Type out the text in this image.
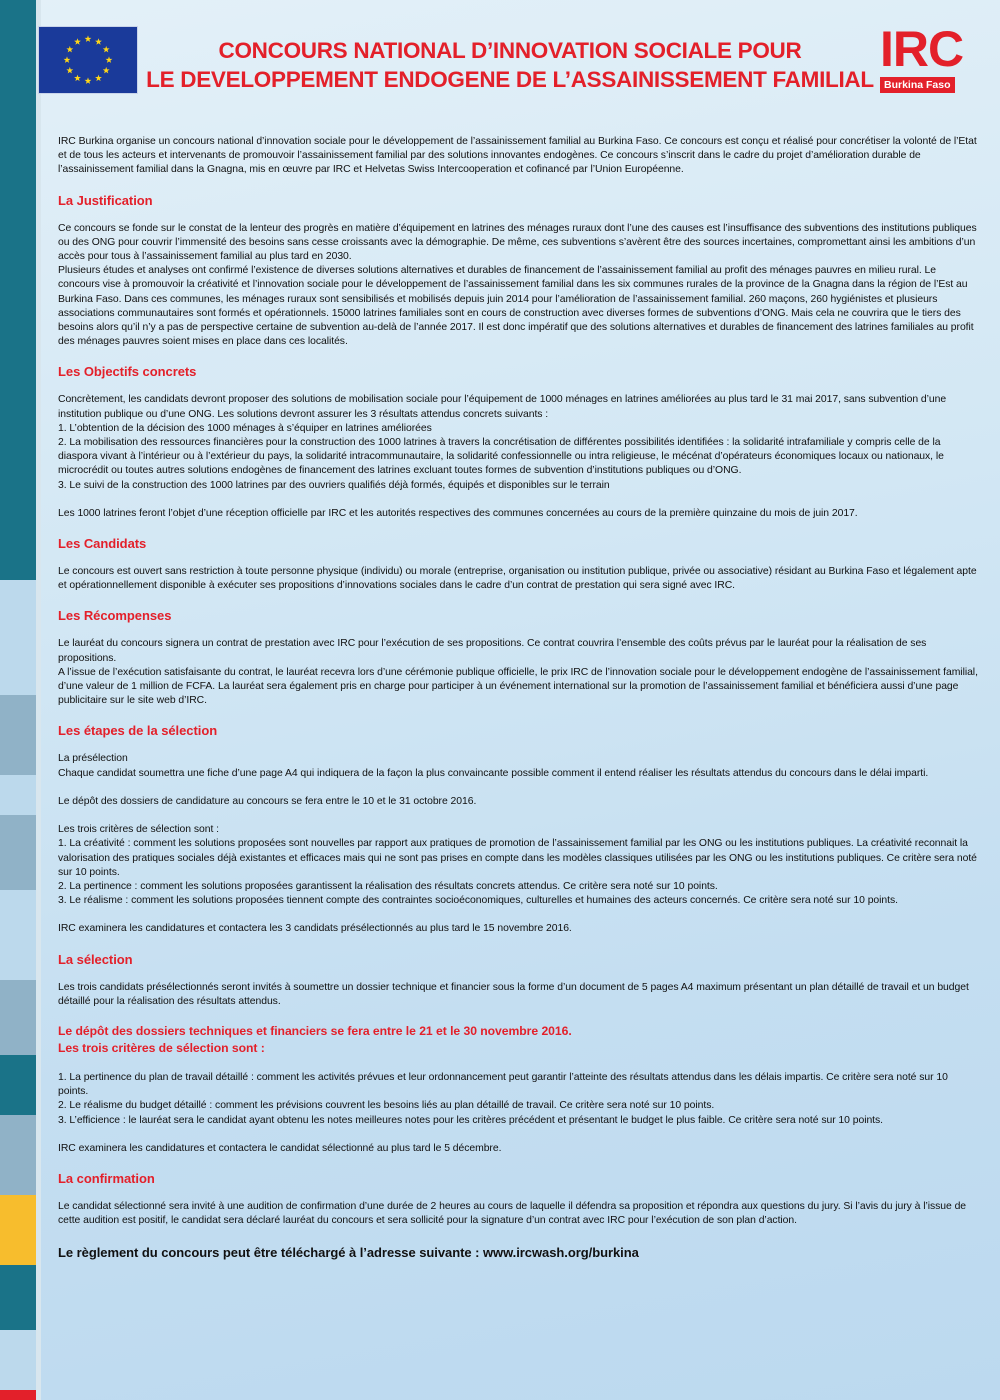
CONCOURS NATIONAL D’INNOVATION SOCIALE POUR
LE DEVELOPPEMENT ENDOGENE DE L’ASSAINISSEMENT FAMILIAL
IRC
Burkina Faso

IRC Burkina organise un concours national d’innovation sociale pour le développement de l’assainissement familial au Burkina Faso. Ce concours est conçu et réalisé pour concrétiser la volonté de l’Etat et de tous les acteurs et intervenants de promouvoir l’assainissement familial par des solutions innovantes endogènes. Ce concours s’inscrit dans le cadre du projet d’amélioration durable de l’assainissement familial dans la Gnagna, mis en œuvre par IRC et Helvetas Swiss Intercooperation et cofinancé par l’Union Européenne.

La Justification

Ce concours se fonde sur le constat de la lenteur des progrès en matière d’équipement en latrines des ménages ruraux dont l’une des causes est l’insuffisance des subventions des institutions publiques ou des ONG pour couvrir l’immensité des besoins sans cesse croissants avec la démographie. De même, ces subventions s’avèrent être des sources incertaines, compromettant ainsi les ambitions d’un accès pour tous à l’assainissement familial au plus tard en 2030.

Plusieurs études et analyses ont confirmé l’existence de diverses solutions alternatives et durables de financement de l’assainissement familial au profit des ménages pauvres en milieu rural. Le concours vise à promouvoir la créativité et l’innovation sociale pour le développement de l’assainissement familial dans les six communes rurales de la province de la Gnagna dans la région de l’Est au Burkina Faso. Dans ces communes, les ménages ruraux sont sensibilisés et mobilisés depuis juin 2014 pour l’amélioration de l’assainissement familial. 260 maçons, 260 hygiénistes et plusieurs associations communautaires sont formés et opérationnels. 15000 latrines familiales sont en cours de construction avec diverses formes de subventions d’ONG. Mais cela ne couvrira que le tiers des besoins alors qu’il n’y a pas de perspective certaine de subvention au-delà de l’année 2017. Il est donc impératif que des solutions alternatives et durables de financement des latrines familiales au profit des ménages pauvres soient mises en place dans ces localités.

Les Objectifs concrets

Concrètement, les candidats devront proposer des solutions de mobilisation sociale pour l’équipement de 1000 ménages en latrines améliorées au plus tard le 31 mai 2017, sans subvention d’une institution publique ou d’une ONG. Les solutions devront assurer les 3 résultats attendus concrets suivants :

1. L’obtention de la décision des 1000 ménages à s’équiper en latrines améliorées

2. La mobilisation des ressources financières pour la construction des 1000 latrines à travers la concrétisation de différentes possibilités identifiées : la solidarité intrafamiliale y compris celle de la diaspora vivant à l’intérieur ou à l’extérieur du pays, la solidarité intracommunautaire, la solidarité confessionnelle ou intra religieuse, le mécénat d’opérateurs économiques locaux ou nationaux, le microcrédit ou toutes autres solutions endogènes de financement des latrines excluant toutes formes de subvention d’institutions publiques ou d’ONG.

3. Le suivi de la construction des 1000 latrines par des ouvriers qualifiés déjà formés, équipés et disponibles sur le terrain

Les 1000 latrines feront l’objet d’une réception officielle par IRC et les autorités respectives des communes concernées au cours de la première quinzaine du mois de juin 2017.

Les Candidats

Le concours est ouvert sans restriction à toute personne physique (individu) ou morale (entreprise, organisation ou institution publique, privée ou associative) résidant au Burkina Faso et légalement apte et opérationnellement disponible à exécuter ses propositions d’innovations sociales dans le cadre d’un contrat de prestation qui sera signé avec IRC.

Les Récompenses

Le lauréat du concours signera un contrat de prestation avec IRC pour l’exécution de ses propositions. Ce contrat couvrira l’ensemble des coûts prévus par le lauréat pour la réalisation de ses propositions.

A l’issue de l’exécution satisfaisante du contrat, le lauréat recevra lors d’une cérémonie publique officielle, le prix IRC de l’innovation sociale pour le développement endogène de l’assainissement familial, d’une valeur de 1 million de FCFA. La lauréat sera également pris en charge pour participer à un événement international sur la promotion de l’assainissement familial et bénéficiera aussi d’une page publicitaire sur le site web d’IRC.

Les étapes de la sélection

La présélection

Chaque candidat soumettra une fiche d’une page A4 qui indiquera de la façon la plus convaincante possible comment il entend réaliser les résultats attendus du concours dans le délai imparti.

Le dépôt des dossiers de candidature au concours se fera entre le 10 et le 31 octobre 2016.

Les trois critères de sélection sont :

1. La créativité : comment les solutions proposées sont nouvelles par rapport aux pratiques de promotion de l’assainissement familial par les ONG ou les institutions publiques. La créativité reconnait la valorisation des pratiques sociales déjà existantes et efficaces mais qui ne sont pas prises en compte dans les modèles classiques utilisées par les ONG ou les institutions publiques. Ce critère sera noté sur 10 points.

2. La pertinence : comment les solutions proposées garantissent la réalisation des résultats concrets attendus. Ce critère sera noté sur 10 points.

3. Le réalisme : comment les solutions proposées tiennent compte des contraintes socioéconomiques, culturelles et humaines des acteurs concernés. Ce critère sera noté sur 10 points.

IRC examinera les candidatures et contactera les 3 candidats présélectionnés au plus tard le 15 novembre 2016.

La sélection

Les trois candidats présélectionnés seront invités à soumettre un dossier technique et financier sous la forme d’un document de 5 pages A4 maximum présentant un plan détaillé de travail et un budget détaillé pour la réalisation des résultats attendus.

Le dépôt des dossiers techniques et financiers se fera entre le 21 et le 30 novembre 2016.

Les trois critères de sélection sont :

1. La pertinence du plan de travail détaillé : comment les activités prévues et leur ordonnancement peut garantir l’atteinte des résultats attendus dans les délais impartis. Ce critère sera noté sur 10 points.

2. Le réalisme du budget détaillé : comment les prévisions couvrent les besoins liés au plan détaillé de travail. Ce critère sera noté sur 10 points.

3. L’efficience : le lauréat sera le candidat ayant obtenu les notes meilleures notes pour les critères précédent et présentant le budget le plus faible. Ce critère sera noté sur 10 points.

IRC examinera les candidatures et contactera le candidat sélectionné au plus tard le 5 décembre.

La confirmation

Le candidat sélectionné sera invité à une audition de confirmation d’une durée de 2 heures au cours de laquelle il défendra sa proposition et répondra aux questions du jury. Si l’avis du jury à l’issue de cette audition est positif, le candidat sera déclaré lauréat du concours et sera sollicité pour la signature d’un contrat avec IRC pour l’exécution de son plan d’action.

Le règlement du concours peut être téléchargé à l’adresse suivante : www.ircwash.org/burkina
